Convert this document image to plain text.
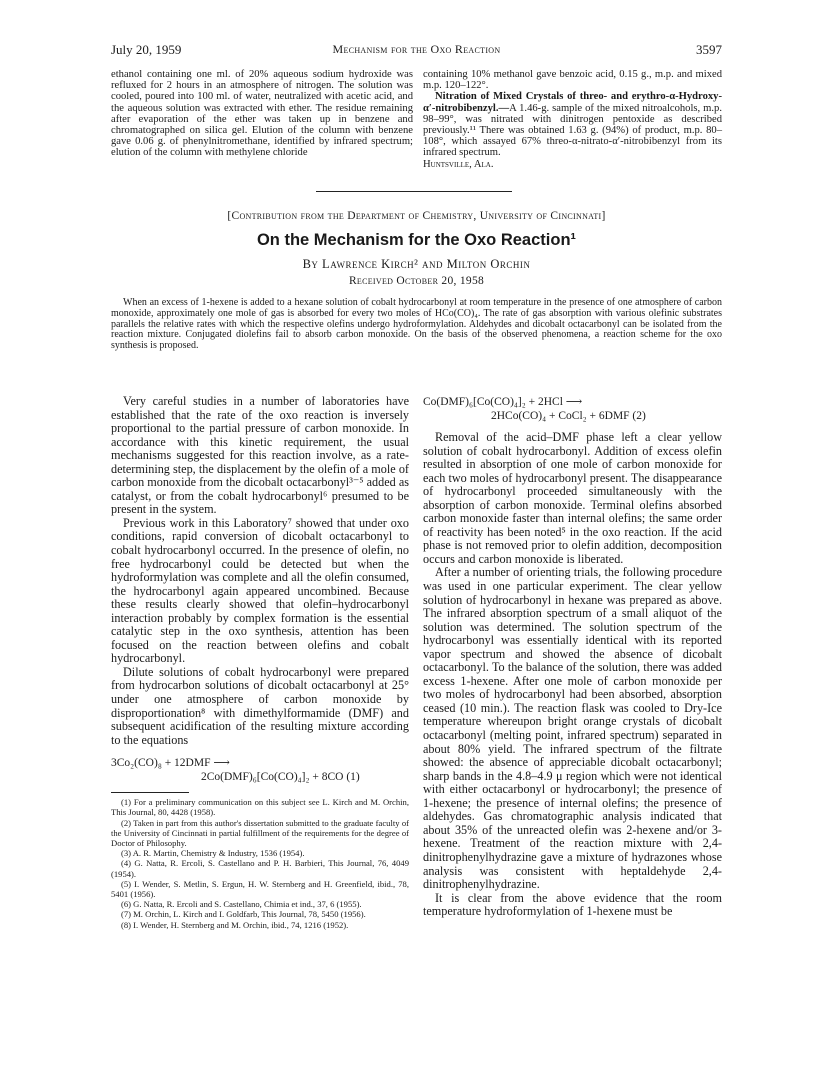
July 20, 1959	Mechanism for the Oxo Reaction	3597

ethanol containing one ml. of 20% aqueous sodium hydroxide was refluxed for 2 hours in an atmosphere of nitrogen. The solution was cooled, poured into 100 ml. of water, neutralized with acetic acid, and the aqueous solution was extracted with ether. The residue remaining after evaporation of the ether was taken up in benzene and chromatographed on silica gel. Elution of the column with benzene gave 0.06 g. of phenylnitromethane, identified by infrared spectrum; elution of the column with methylene chloride

containing 10% methanol gave benzoic acid, 0.15 g., m.p. and mixed m.p. 120–122°.

Nitration of Mixed Crystals of threo- and erythro-α-Hydroxy-α′-nitrobibenzyl.—A 1.46-g. sample of the mixed nitroalcohols, m.p. 98–99°, was nitrated with dinitrogen pentoxide as described previously.¹¹ There was obtained 1.63 g. (94%) of product, m.p. 80–108°, which assayed 67% threo-α-nitrato-α′-nitrobibenzyl from its infrared spectrum.

Huntsville, Ala.

[Contribution from the Department of Chemistry, University of Cincinnati]
On the Mechanism for the Oxo Reaction¹
By Lawrence Kirch² and Milton Orchin
Received October 20, 1958
When an excess of 1-hexene is added to a hexane solution of cobalt hydrocarbonyl at room temperature in the presence of one atmosphere of carbon monoxide, approximately one mole of gas is absorbed for every two moles of HCo(CO)₄. The rate of gas absorption with various olefinic substrates parallels the relative rates with which the respective olefins undergo hydroformylation. Aldehydes and dicobalt octacarbonyl can be isolated from the reaction mixture. Conjugated diolefins fail to absorb carbon monoxide. On the basis of the observed phenomena, a reaction scheme for the oxo synthesis is proposed.

Very careful studies in a number of laboratories have established that the rate of the oxo reaction is inversely proportional to the partial pressure of carbon monoxide. In accordance with this kinetic requirement, the usual mechanisms suggested for this reaction involve, as a rate-determining step, the displacement by the olefin of a mole of carbon monoxide from the dicobalt octacarbonyl³⁻⁵ added as catalyst, or from the cobalt hydrocarbonyl⁶ presumed to be present in the system.

Previous work in this Laboratory⁷ showed that under oxo conditions, rapid conversion of dicobalt octacarbonyl to cobalt hydrocarbonyl occurred. In the presence of olefin, no free hydrocarbonyl could be detected but when the hydroformylation was complete and all the olefin consumed, the hydrocarbonyl again appeared uncombined. Because these results clearly showed that olefin–hydrocarbonyl interaction probably by complex formation is the essential catalytic step in the oxo synthesis, attention has been focused on the reaction between olefins and cobalt hydrocarbonyl.

Dilute solutions of cobalt hydrocarbonyl were prepared from hydrocarbon solutions of dicobalt octacarbonyl at 25° under one atmosphere of carbon monoxide by disproportionation⁸ with dimethylformamide (DMF) and subsequent acidification of the resulting mixture according to the equations

3Co₂(CO)₈ + 12DMF ⟶
2Co(DMF)₆[Co(CO)₄]₂ + 8CO (1)

(1) For a preliminary communication on this subject see L. Kirch and M. Orchin, This Journal, 80, 4428 (1958).

(2) Taken in part from this author's dissertation submitted to the graduate faculty of the University of Cincinnati in partial fulfillment of the requirements for the degree of Doctor of Philosophy.

(3) A. R. Martin, Chemistry & Industry, 1536 (1954).

(4) G. Natta, R. Ercoli, S. Castellano and P. H. Barbieri, This Journal, 76, 4049 (1954).

(5) I. Wender, S. Metlin, S. Ergun, H. W. Sternberg and H. Greenfield, ibid., 78, 5401 (1956).

(6) G. Natta, R. Ercoli and S. Castellano, Chimia et ind., 37, 6 (1955).

(7) M. Orchin, L. Kirch and I. Goldfarb, This Journal, 78, 5450 (1956).

(8) I. Wender, H. Sternberg and M. Orchin, ibid., 74, 1216 (1952).

Co(DMF)₆[Co(CO)₄]₂ + 2HCl ⟶
2HCo(CO)₄ + CoCl₂ + 6DMF (2)

Removal of the acid–DMF phase left a clear yellow solution of cobalt hydrocarbonyl. Addition of excess olefin resulted in absorption of one mole of carbon monoxide for each two moles of hydrocarbonyl present. The disappearance of hydrocarbonyl proceeded simultaneously with the absorption of carbon monoxide. Terminal olefins absorbed carbon monoxide faster than internal olefins; the same order of reactivity has been noted⁵ in the oxo reaction. If the acid phase is not removed prior to olefin addition, decomposition occurs and carbon monoxide is liberated.

After a number of orienting trials, the following procedure was used in one particular experiment. The clear yellow solution of hydrocarbonyl in hexane was prepared as above. The infrared absorption spectrum of a small aliquot of the solution was determined. The solution spectrum of the hydrocarbonyl was essentially identical with its reported vapor spectrum and showed the absence of dicobalt octacarbonyl. To the balance of the solution, there was added excess 1-hexene. After one mole of carbon monoxide per two moles of hydrocarbonyl had been absorbed, absorption ceased (10 min.). The reaction flask was cooled to Dry-Ice temperature whereupon bright orange crystals of dicobalt octacarbonyl (melting point, infrared spectrum) separated in about 80% yield. The infrared spectrum of the filtrate showed: the absence of appreciable dicobalt octacarbonyl; sharp bands in the 4.8–4.9 μ region which were not identical with either octacarbonyl or hydrocarbonyl; the presence of 1-hexene; the presence of internal olefins; the presence of aldehydes. Gas chromatographic analysis indicated that about 35% of the unreacted olefin was 2-hexene and/or 3-hexene. Treatment of the reaction mixture with 2,4-dinitrophenylhydrazine gave a mixture of hydrazones whose analysis was consistent with heptaldehyde 2,4-dinitrophenylhydrazine.

It is clear from the above evidence that the room temperature hydroformylation of 1-hexene must be
